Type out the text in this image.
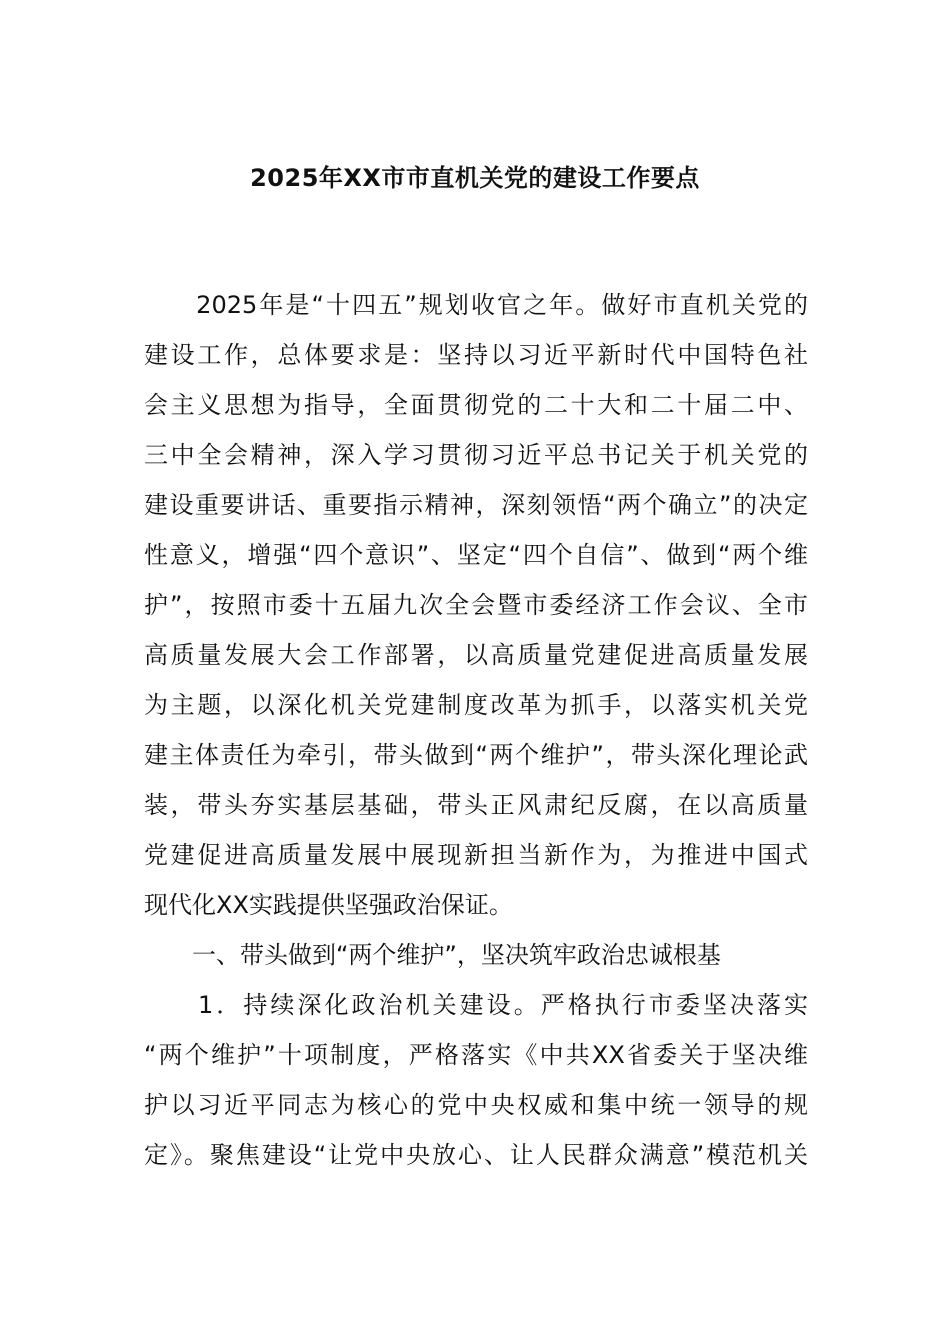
2025年XX市市直机关党的建设工作要点
　　2025年是“十四五”规划收官之年。做好市直机关党的
建设工作，总体要求是：坚持以习近平新时代中国特色社
会主义思想为指导，全面贯彻党的二十大和二十届二中、
三中全会精神，深入学习贯彻习近平总书记关于机关党的
建设重要讲话、重要指示精神，深刻领悟“两个确立”的决定
性意义，增强“四个意识”、坚定“四个自信”、做到“两个维
护”，按照市委十五届九次全会暨市委经济工作会议、全市
高质量发展大会工作部署，以高质量党建促进高质量发展
为主题，以深化机关党建制度改革为抓手，以落实机关党
建主体责任为牵引，带头做到“两个维护”，带头深化理论武
装，带头夯实基层基础，带头正风肃纪反腐，在以高质量
党建促进高质量发展中展现新担当新作为，为推进中国式
现代化XX实践提供坚强政治保证。
　　一、带头做到“两个维护”，坚决筑牢政治忠诚根基
　　1．持续深化政治机关建设。严格执行市委坚决落实
“两个维护”十项制度，严格落实《中共XX省委关于坚决维
护以习近平同志为核心的党中央权威和集中统一领导的规
定》。聚焦建设“让党中央放心、让人民群众满意”模范机关
